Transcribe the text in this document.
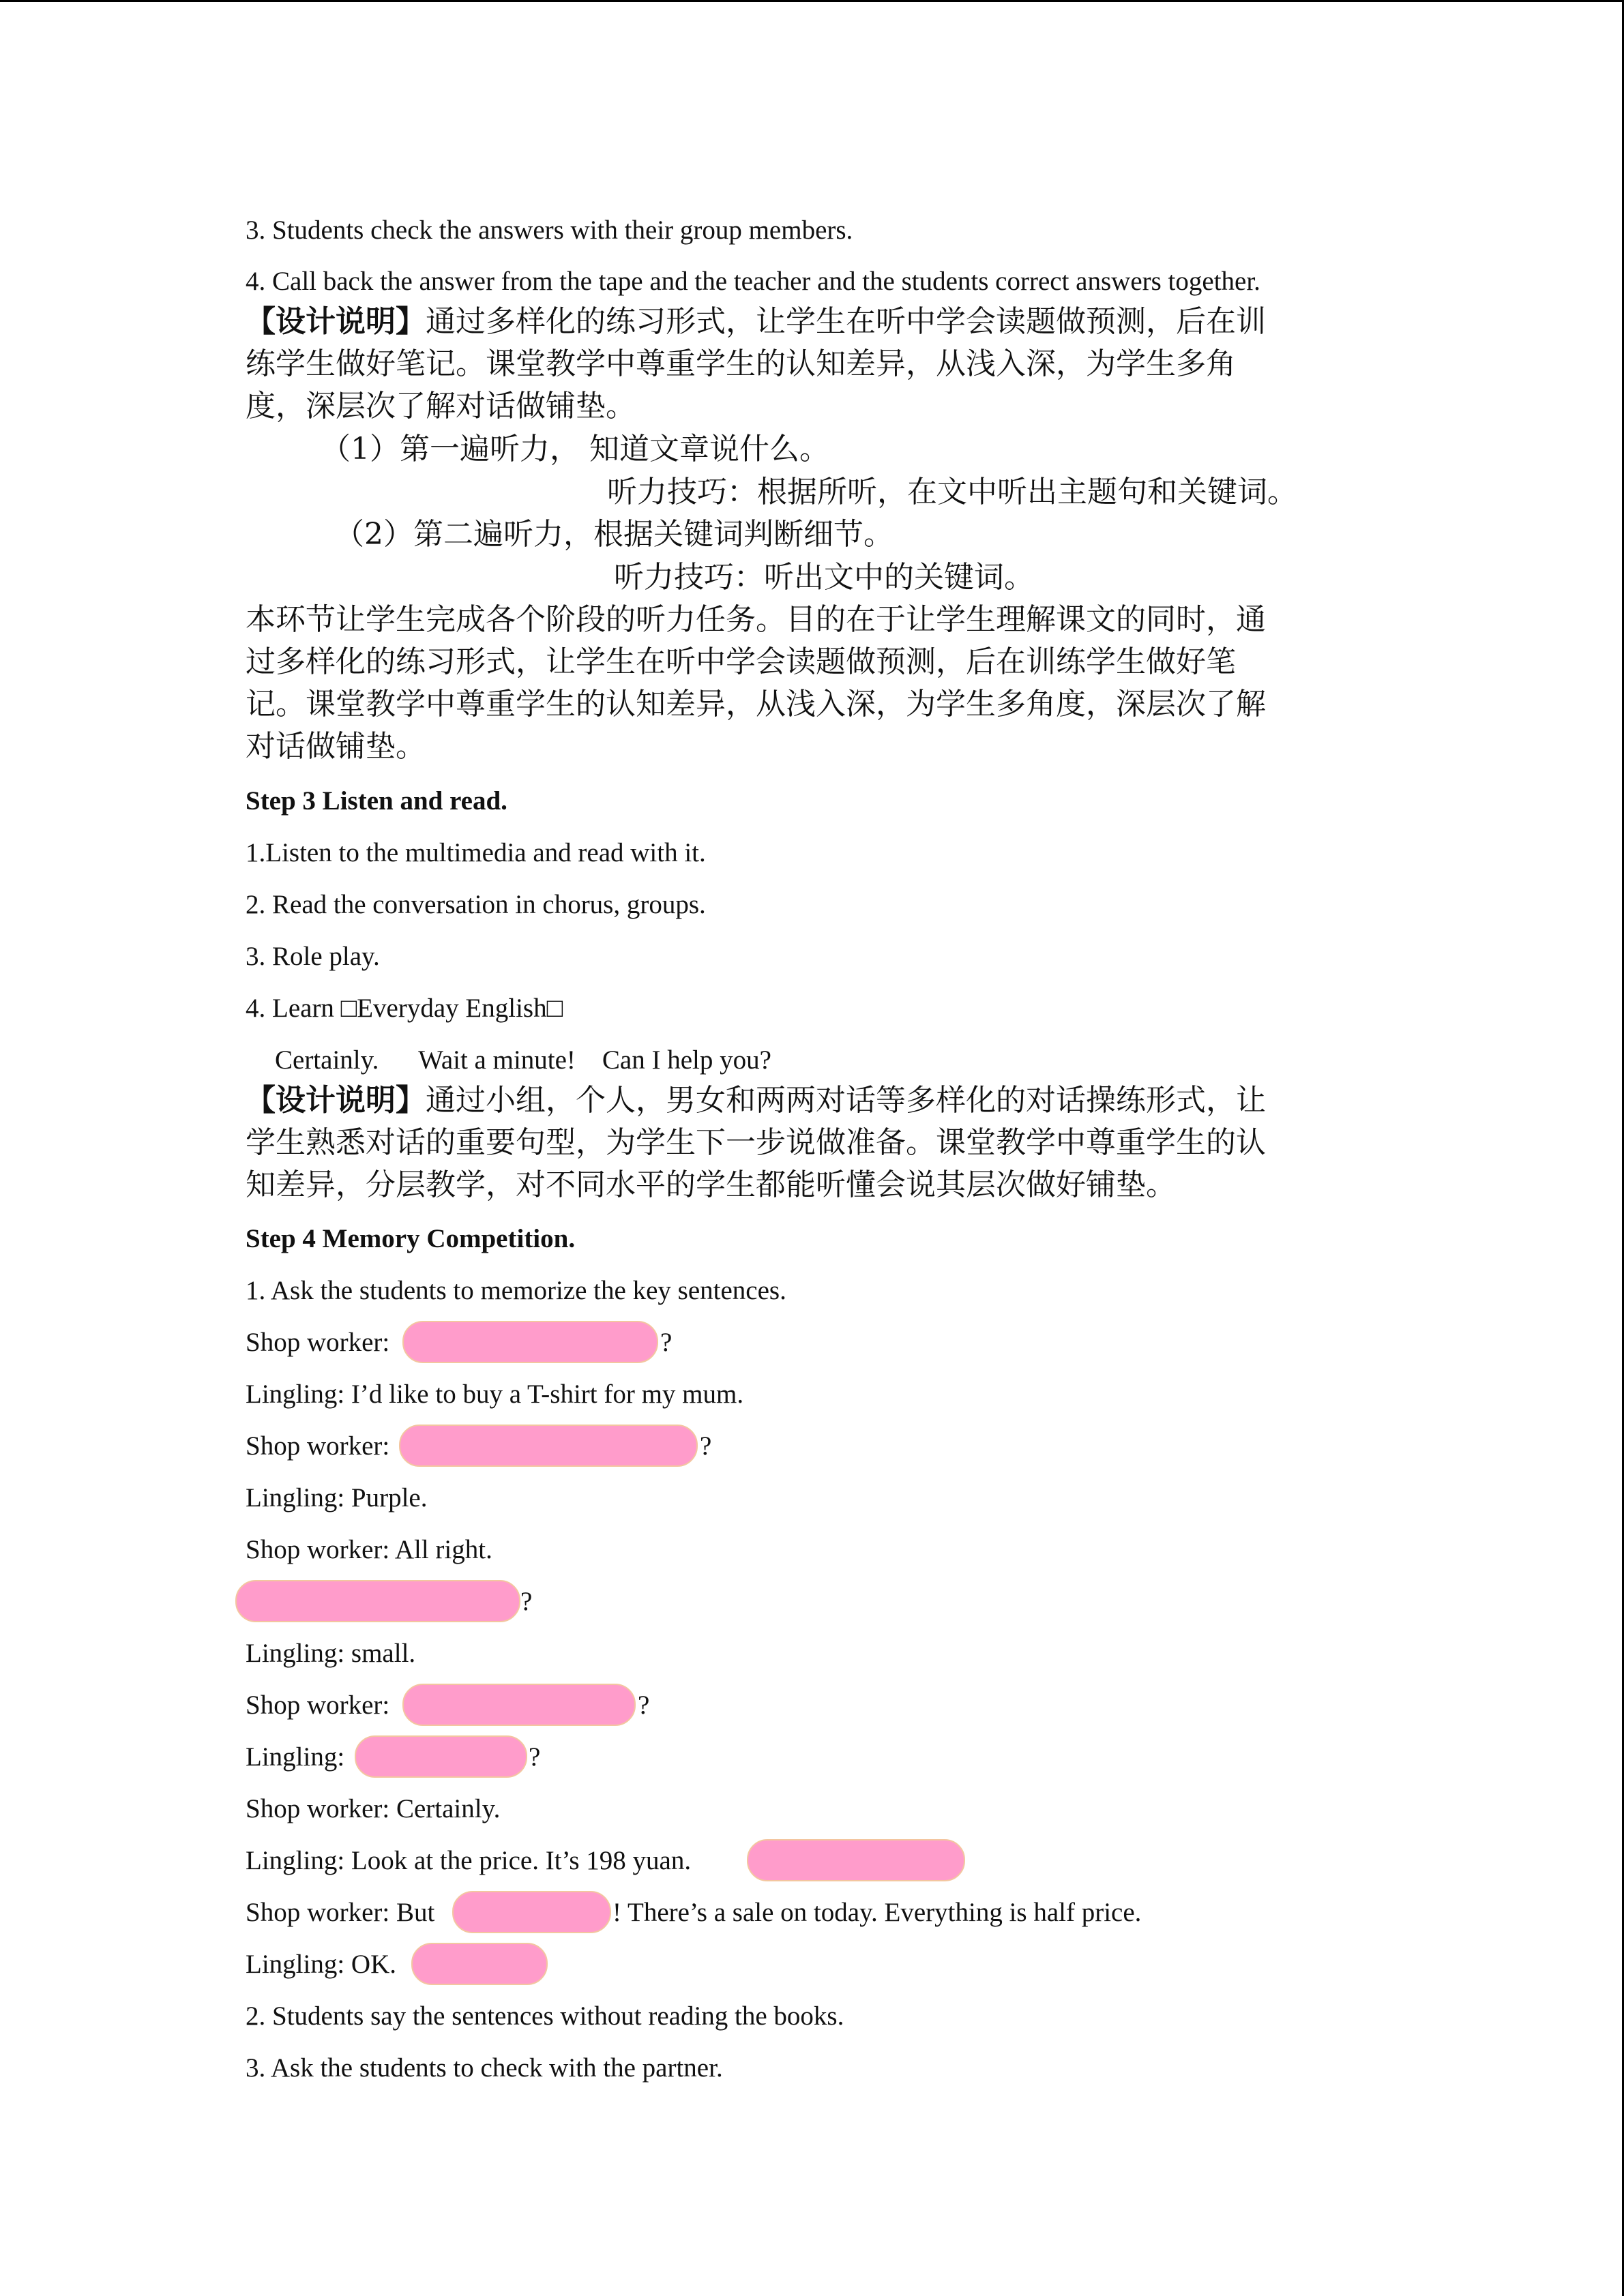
3. Students check the answers with their group members.
4. Call back the answer from the tape and the teacher and the students correct answers together.
【设计说明】通过多样化的练习形式，让学生在听中学会读题做预测，后在训
练学生做好笔记。课堂教学中尊重学生的认知差异，从浅入深，为学生多角
度，深层次了解对话做铺垫。
（1）第一遍听力， 知道文章说什么。
听力技巧：根据所听，在文中听出主题句和关键词。
（2）第二遍听力，根据关键词判断细节。
听力技巧：听出文中的关键词。
本环节让学生完成各个阶段的听力任务。目的在于让学生理解课文的同时，通
过多样化的练习形式，让学生在听中学会读题做预测，后在训练学生做好笔
记。课堂教学中尊重学生的认知差异，从浅入深，为学生多角度，深层次了解
对话做铺垫。
Step 3 Listen and read.
1.Listen to the multimedia and read with it.
2. Read the conversation in chorus, groups.
3. Role play.
4. Learn □Everyday English□
Certainly.      Wait a minute!    Can I help you?
【设计说明】通过小组，个人，男女和两两对话等多样化的对话操练形式，让
学生熟悉对话的重要句型，为学生下一步说做准备。课堂教学中尊重学生的认
知差异，分层教学，对不同水平的学生都能听懂会说其层次做好铺垫。
Step 4 Memory Competition.
1. Ask the students to memorize the key sentences.
Shop worker:	?
Lingling: I’d like to buy a T-shirt for my mum.
Shop worker:	?
Lingling: Purple.
Shop worker: All right.
?
Lingling: small.
Shop worker:	?
Lingling:	?
Shop worker: Certainly.
Lingling: Look at the price. It’s 198 yuan.
Shop worker: But	! There’s a sale on today. Everything is half price.
Lingling: OK.
2. Students say the sentences without reading the books.
3. Ask the students to check with the partner.
